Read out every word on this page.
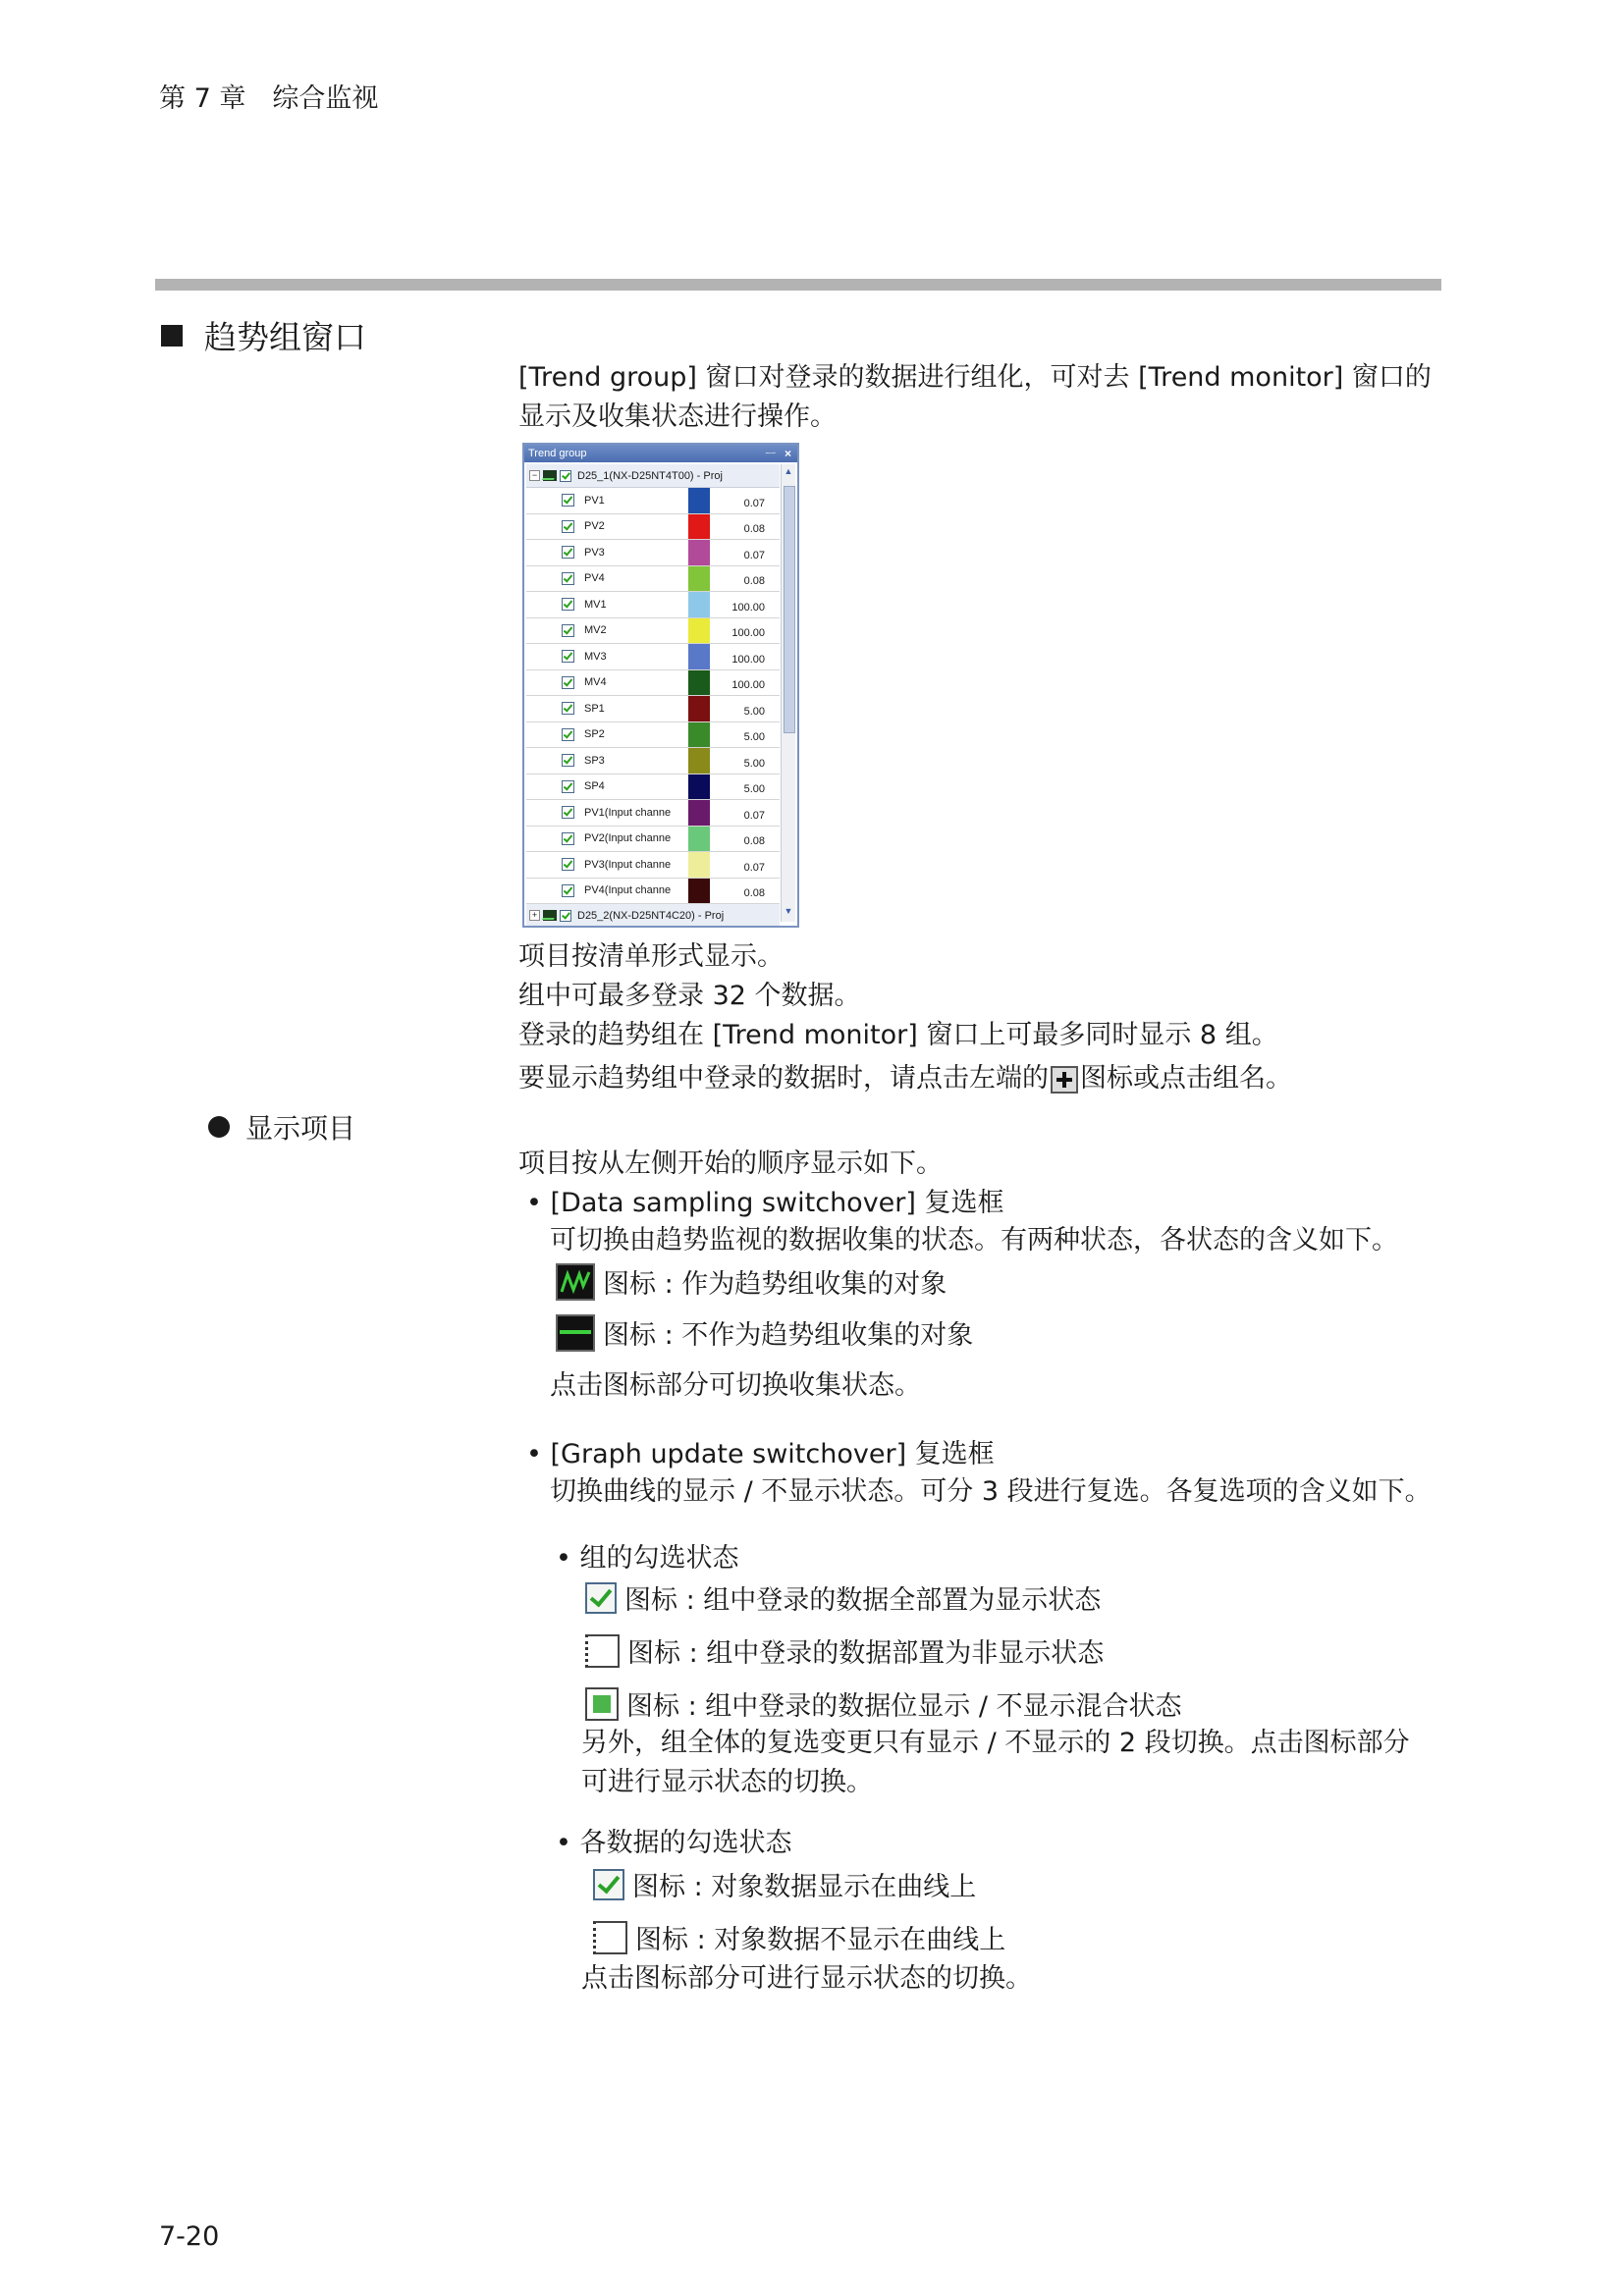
第 7 章　综合监视
趋势组窗口
[Trend group] 窗口对登录的数据进行组化，可对去 [Trend monitor] 窗口的
显示及收集状态进行操作。
Trend group	ᅳ ×
−	D25_1(NX-D25NT4T00) - Proj
PV1	0.07
PV2	0.08
PV3	0.07
PV4	0.08
MV1	100.00
MV2	100.00
MV3	100.00
MV4	100.00
SP1	5.00
SP2	5.00
SP3	5.00
SP4	5.00
PV1(Input channe	0.07
PV2(Input channe	0.08
PV3(Input channe	0.07
PV4(Input channe	0.08
+	D25_2(NX-D25NT4C20) - Proj
▲
▼
项目按清单形式显示。
组中可最多登录 32 个数据。
登录的趋势组在 [Trend monitor] 窗口上可最多同时显示 8 组。
要显示趋势组中登录的数据时，请点击左端的 图标或点击组名。
显示项目
项目按从左侧开始的顺序显示如下。
• [Data sampling switchover] 复选框
可切换由趋势监视的数据收集的状态。有两种状态，各状态的含义如下。
图标 : 作为趋势组收集的对象
图标 : 不作为趋势组收集的对象
点击图标部分可切换收集状态。
• [Graph update switchover] 复选框
切换曲线的显示 / 不显示状态。可分 3 段进行复选。各复选项的含义如下。
• 组的勾选状态
图标 : 组中登录的数据全部置为显示状态
图标 : 组中登录的数据部置为非显示状态
图标 : 组中登录的数据位显示 / 不显示混合状态
另外，组全体的复选变更只有显示 / 不显示的 2 段切换。点击图标部分
可进行显示状态的切换。
• 各数据的勾选状态
图标 : 对象数据显示在曲线上
图标 : 对象数据不显示在曲线上
点击图标部分可进行显示状态的切换。
7-20
